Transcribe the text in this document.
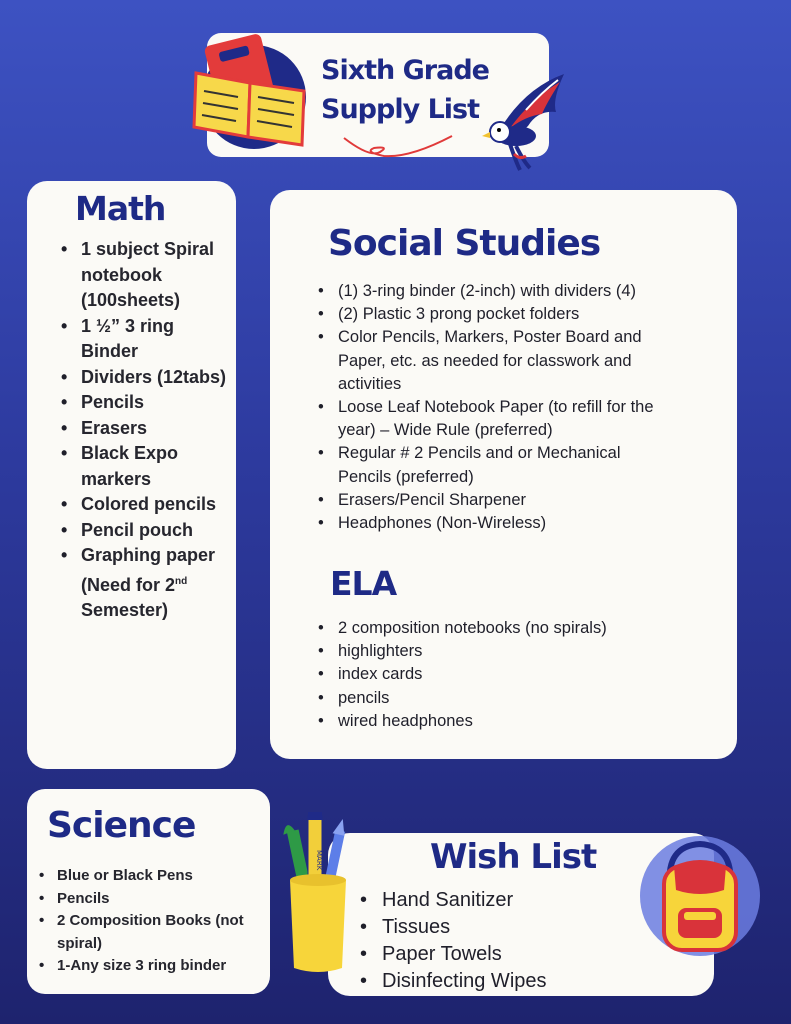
Sixth Grade
Supply List
Math
• 1 subject Spiral notebook (100sheets)
• 1 ½” 3 ring Binder
• Dividers (12tabs)
• Pencils
• Erasers
• Black Expo markers
• Colored pencils
• Pencil pouch
• Graphing paper (Need for 2nd
Semester)
Social Studies
• (1) 3-ring binder (2-inch) with dividers (4)
• (2) Plastic 3 prong pocket folders
• Color Pencils, Markers, Poster Board and Paper, etc. as needed for classwork and activities
• Loose Leaf Notebook Paper (to refill for the year) – Wide Rule (preferred)
• Regular # 2 Pencils and or Mechanical Pencils (preferred)
• Erasers/Pencil Sharpener
• Headphones (Non-Wireless)
ELA
• 2 composition notebooks (no spirals)
• highlighters
• index cards
• pencils
• wired headphones
Science
• Blue or Black Pens
• Pencils
• 2 Composition Books (not spiral)
• 1-Any size 3 ring binder
Wish List
• Hand Sanitizer
• Tissues
• Paper Towels
• Disinfecting Wipes
MARK
